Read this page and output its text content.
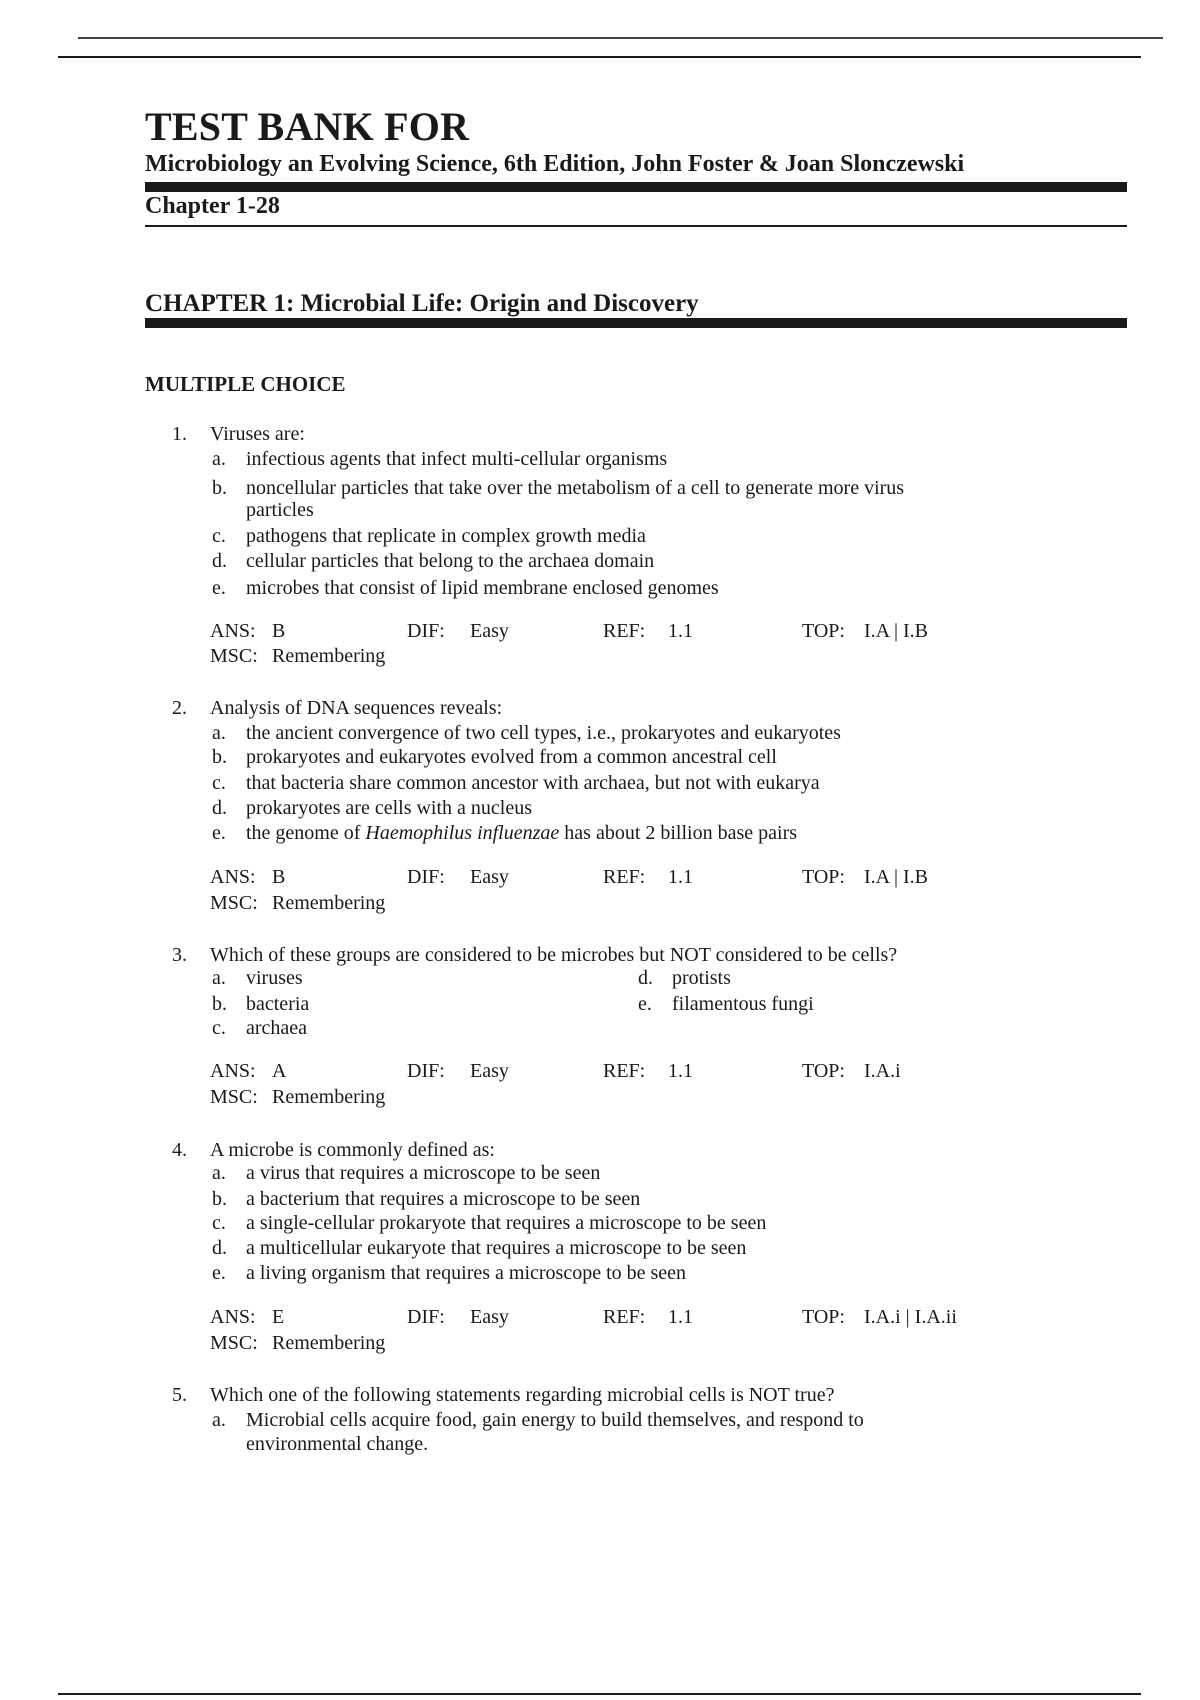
TEST BANK FOR
Microbiology an Evolving Science, 6th Edition, John Foster & Joan Slonczewski
Chapter 1-28
CHAPTER 1: Microbial Life: Origin and Discovery
MULTIPLE CHOICE
1. Viruses are:
a. infectious agents that infect multi-cellular organisms
b. noncellular particles that take over the metabolism of a cell to generate more virus
particles
c. pathogens that replicate in complex growth media
d. cellular particles that belong to the archaea domain
e. microbes that consist of lipid membrane enclosed genomes
ANS: B	DIF: Easy	REF: 1.1	TOP: I.A | I.B
MSC: Remembering
2. Analysis of DNA sequences reveals:
a. the ancient convergence of two cell types, i.e., prokaryotes and eukaryotes
b. prokaryotes and eukaryotes evolved from a common ancestral cell
c. that bacteria share common ancestor with archaea, but not with eukarya
d. prokaryotes are cells with a nucleus
e. the genome of Haemophilus influenzae has about 2 billion base pairs
ANS: B	DIF: Easy	REF: 1.1	TOP: I.A | I.B
MSC: Remembering
3. Which of these groups are considered to be microbes but NOT considered to be cells?
a. viruses
b. bacteria
c. archaea
d. protists
e. filamentous fungi
ANS: A	DIF: Easy	REF: 1.1	TOP: I.A.i
MSC: Remembering
4. A microbe is commonly defined as:
a. a virus that requires a microscope to be seen
b. a bacterium that requires a microscope to be seen
c. a single-cellular prokaryote that requires a microscope to be seen
d. a multicellular eukaryote that requires a microscope to be seen
e. a living organism that requires a microscope to be seen
ANS: E	DIF: Easy	REF: 1.1	TOP: I.A.i | I.A.ii
MSC: Remembering
5. Which one of the following statements regarding microbial cells is NOT true?
a. Microbial cells acquire food, gain energy to build themselves, and respond to
environmental change.
